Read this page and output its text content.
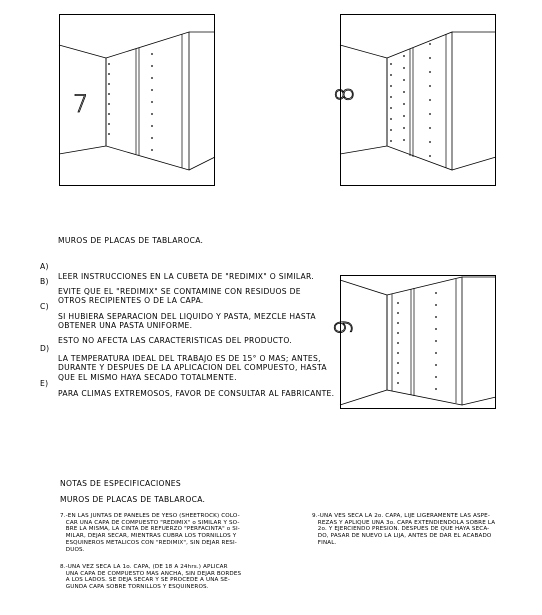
7	8
9
MUROS DE PLACAS DE TABLAROCA.

A)

LEER INSTRUCCIONES EN LA CUBETA DE "REDIMIX" O SIMILAR.

B)

EVITE QUE EL "REDIMIX" SE CONTAMINE CON RESIDUOS DE
OTROS RECIPIENTES O DE LA CAPA.

C)

SI HUBIERA SEPARACION DEL LIQUIDO Y PASTA, MEZCLE HASTA
OBTENER UNA PASTA UNIFORME.

ESTO NO AFECTA LAS CARACTERISTICAS DEL PRODUCTO.

D)

LA TEMPERATURA IDEAL DEL TRABAJO ES DE 15° O MAS; ANTES,
DURANTE Y DESPUES DE LA APLICACION DEL COMPUESTO, HASTA
QUE EL MISMO HAYA SECADO TOTALMENTE.

E)

PARA CLIMAS EXTREMOSOS, FAVOR DE CONSULTAR AL FABRICANTE.

NOTAS DE ESPECIFICACIONES
MUROS DE PLACAS DE TABLAROCA.
7.-EN LAS JUNTAS DE PANELES DE YESO (SHEETROCK) COLO-
CAR UNA CAPA DE COMPUESTO "REDIMIX" o SIMILAR Y SO-
BRE LA MISMA, LA CINTA DE REFUERZO "PERFACINTA" o SI-
MILAR, DEJAR SECAR, MIENTRAS CUBRA LOS TORNILLOS Y
ESQUINEROS METALICOS CON "REDIMIX", SIN DEJAR RESI-
DUOS.
8.-UNA VEZ SECA LA 1o. CAPA, (DE 18 A 24hrs.) APLICAR
UNA CAPA DE COMPUESTO MAS ANCHA, SIN DEJAR BORDES
A LOS LADOS. SE DEJA SECAR Y SE PROCEDE A UNA SE-
GUNDA CAPA SOBRE TORNILLOS Y ESQUINEROS.
9.-UNA VES SECA LA 2o. CAPA, LIJE LIGERAMENTE LAS ASPE-
REZAS Y APLIQUE UNA 3o. CAPA EXTENDIENDOLA SOBRE LA
2o. Y EJERCIENDO PRESION. DESPUES DE QUE HAYA SECA-
DO, PASAR DE NUEVO LA LIJA, ANTES DE DAR EL ACABADO
FINAL.
